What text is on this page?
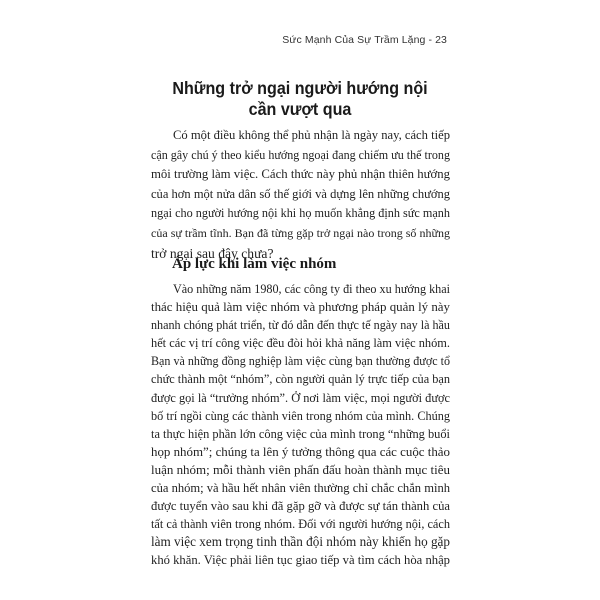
Sức Mạnh Của Sự Trầm Lặng - 23
Những trở ngại người hướng nội
cần vượt qua
Có một điều không thể phủ nhận là ngày nay, cách tiếp
cận gây chú ý theo kiểu hướng ngoại đang chiếm ưu thế trong
môi trường làm việc. Cách thức này phủ nhận thiên hướng
của hơn một nửa dân số thế giới và dựng lên những chướng
ngại cho người hướng nội khi họ muốn khẳng định sức mạnh
của sự trầm tĩnh. Bạn đã từng gặp trở ngại nào trong số những
trở ngại sau đây chưa?
Áp lực khi làm việc nhóm
Vào những năm 1980, các công ty đi theo xu hướng khai
thác hiệu quả làm việc nhóm và phương pháp quản lý này
nhanh chóng phát triển, từ đó dẫn đến thực tế ngày nay là hầu
hết các vị trí công việc đều đòi hỏi khả năng làm việc nhóm.
Bạn và những đồng nghiệp làm việc cùng bạn thường được tổ
chức thành một “nhóm”, còn người quản lý trực tiếp của bạn
được gọi là “trưởng nhóm”. Ở nơi làm việc, mọi người được
bố trí ngồi cùng các thành viên trong nhóm của mình. Chúng
ta thực hiện phần lớn công việc của mình trong “những buổi
họp nhóm”; chúng ta lên ý tưởng thông qua các cuộc thảo
luận nhóm; mỗi thành viên phấn đấu hoàn thành mục tiêu
của nhóm; và hầu hết nhân viên thường chỉ chắc chắn mình
được tuyển vào sau khi đã gặp gỡ và được sự tán thành của
tất cả thành viên trong nhóm. Đối với người hướng nội, cách
làm việc xem trọng tinh thần đội nhóm này khiến họ gặp
khó khăn. Việc phải liên tục giao tiếp và tìm cách hòa nhập
